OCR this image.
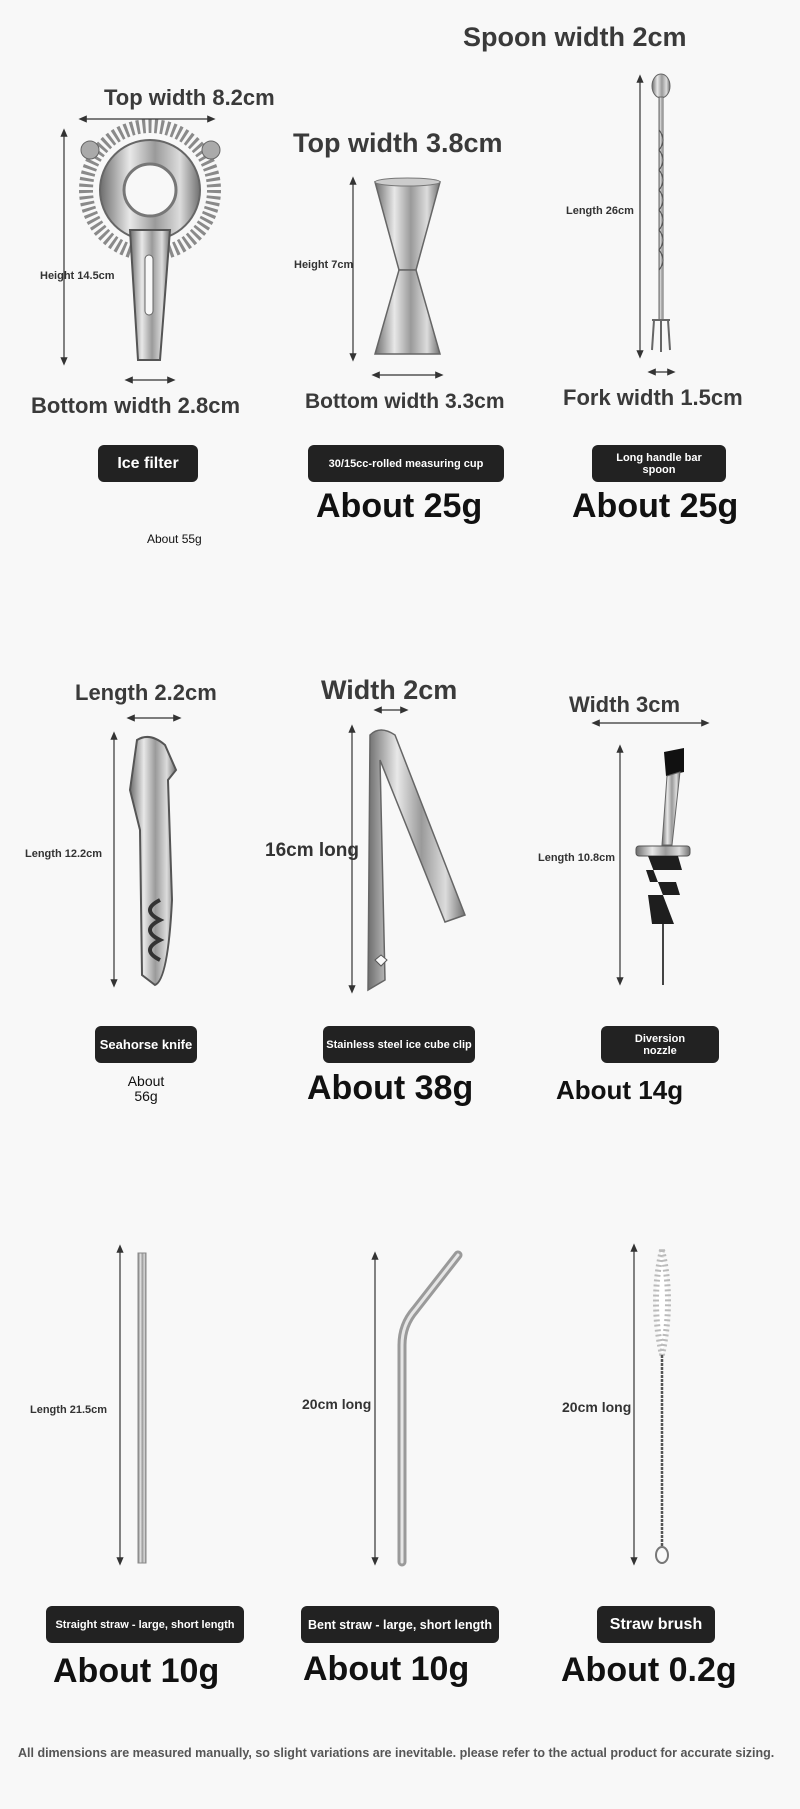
Top width 8.2cm
Height 14.5cm
Bottom width 2.8cm
Ice filter
About 55g
Top width 3.8cm
Height 7cm
Bottom width 3.3cm
30/15cc-rolled measuring cup
About 25g
Spoon width 2cm
Length 26cm
Fork width 1.5cm
Long handle bar spoon
About 25g
Length 2.2cm
Length 12.2cm
Seahorse knife
About
56g
Width 2cm
16cm long
Stainless steel ice cube clip
About 38g
Width 3cm
Length 10.8cm
Diversion nozzle
About 14g
Length 21.5cm
Straight straw - large, short length
About 10g
20cm long
Bent straw - large, short length
About 10g
20cm long
Straw brush
About 0.2g
All dimensions are measured manually, so slight variations are inevitable. please refer to the actual product for accurate sizing.
